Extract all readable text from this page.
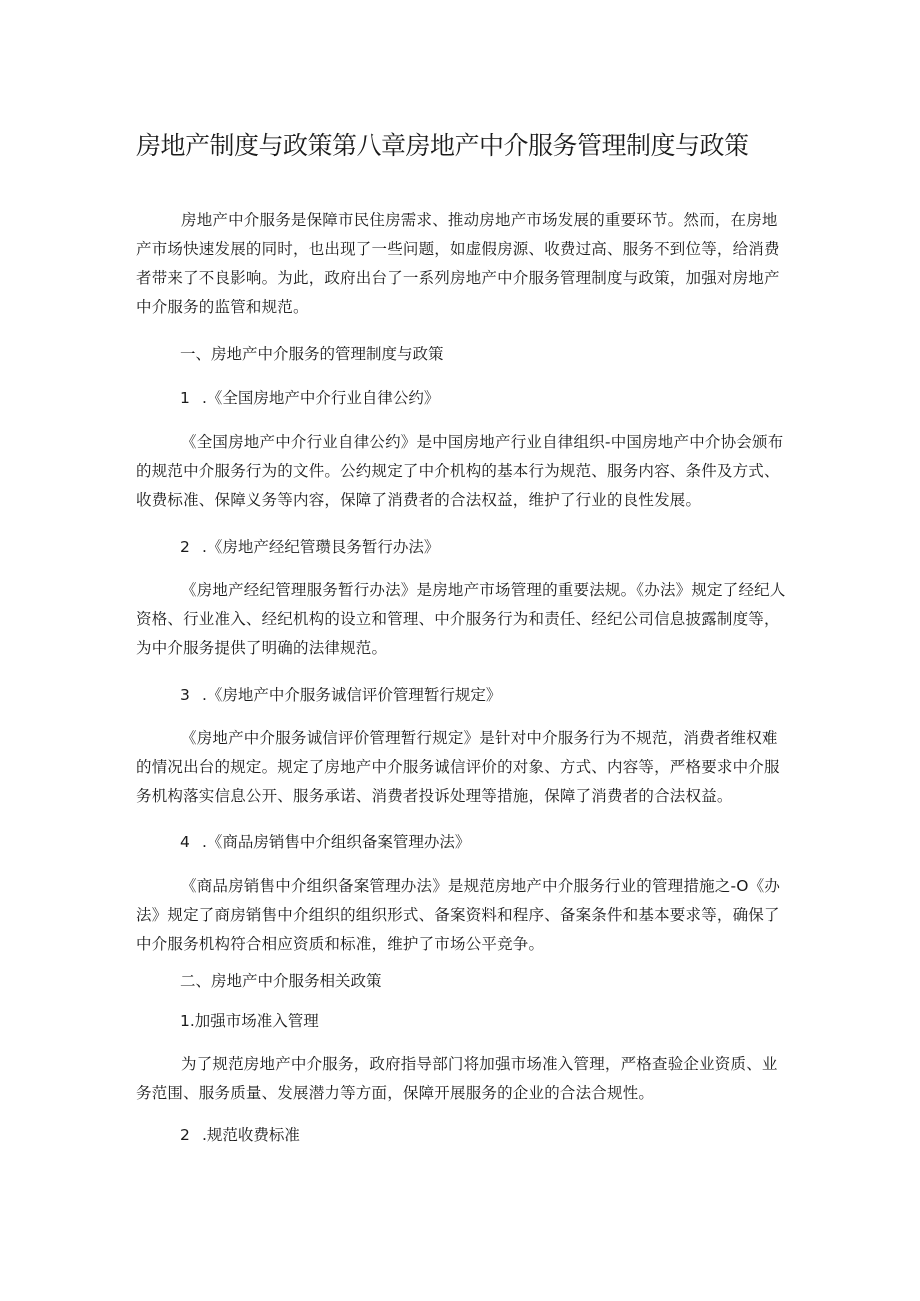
房地产制度与政策第八章房地产中介服务管理制度与政策

房地产中介服务是保障市民住房需求、推动房地产市场发展的重要环节。然而，在房地产市场快速发展的同时，也出现了一些问题，如虚假房源、收费过高、服务不到位等，给消费者带来了不良影响。为此，政府出台了一系列房地产中介服务管理制度与政策，加强对房地产中介服务的监管和规范。

一、房地产中介服务的管理制度与政策

1 .《全国房地产中介行业自律公约》

《全国房地产中介行业自律公约》是中国房地产行业自律组织-中国房地产中介协会颁布的规范中介服务行为的文件。公约规定了中介机构的基本行为规范、服务内容、条件及方式、收费标准、保障义务等内容，保障了消费者的合法权益，维护了行业的良性发展。

2 .《房地产经纪管瓒艮务暂行办法》

《房地产经纪管理服务暂行办法》是房地产市场管理的重要法规。《办法》规定了经纪人资格、行业准入、经纪机构的设立和管理、中介服务行为和责任、经纪公司信息披露制度等，为中介服务提供了明确的法律规范。

3 .《房地产中介服务诚信评价管理暂行规定》

《房地产中介服务诚信评价管理暂行规定》是针对中介服务行为不规范，消费者维权难的情况出台的规定。规定了房地产中介服务诚信评价的对象、方式、内容等，严格要求中介服务机构落实信息公开、服务承诺、消费者投诉处理等措施，保障了消费者的合法权益。

4 .《商品房销售中介组织备案管理办法》

《商品房销售中介组织备案管理办法》是规范房地产中介服务行业的管理措施之-O《办法》规定了商房销售中介组织的组织形式、备案资料和程序、备案条件和基本要求等，确保了中介服务机构符合相应资质和标准，维护了市场公平竞争。

二、房地产中介服务相关政策

1.加强市场准入管理

为了规范房地产中介服务，政府指导部门将加强市场准入管理，严格查验企业资质、业务范围、服务质量、发展潜力等方面，保障开展服务的企业的合法合规性。

2 .规范收费标准
